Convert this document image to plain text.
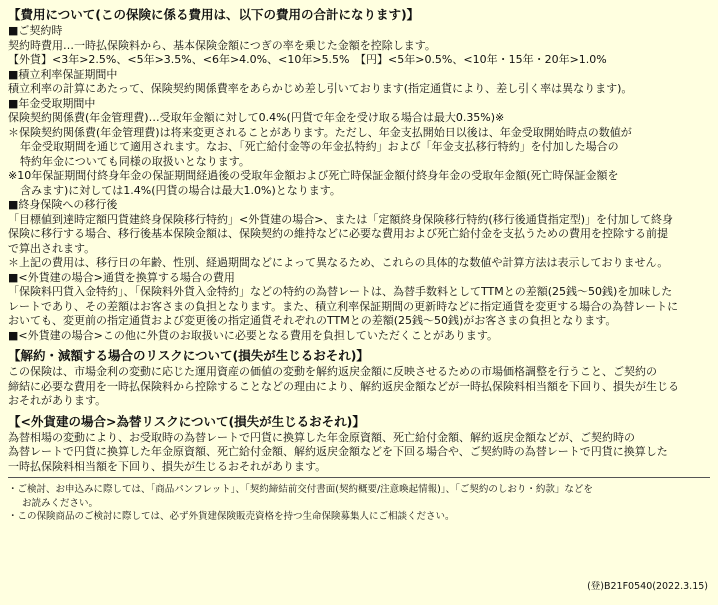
【費用について(この保険に係る費用は、以下の費用の合計になります)】
■ご契約時
契約時費用…一時払保険料から、基本保険金額につぎの率を乗じた金額を控除します。
【外貨】<3年>2.5%、<5年>3.5%、<6年>4.0%、<10年>5.5%　【円】<5年>0.5%、<10年・15年・20年>1.0%
■積立利率保証期間中
積立利率の計算にあたって、保険契約関係費率をあらかじめ差し引いております(指定通貨により、差し引く率は異なります)。
■年金受取期間中
保険契約関係費(年金管理費)…受取年金額に対して0.4%(円貨で年金を受け取る場合は最大0.35%)※
＊保険契約関係費(年金管理費)は将来変更されることがあります。ただし、年金支払開始日以後は、年金受取開始時点の数値が
年金受取期間を通じて適用されます。なお、「死亡給付金等の年金払特約」および「年金支払移行特約」を付加した場合の
特約年金についても同様の取扱いとなります。
※10年保証期間付終身年金の保証期間経過後の受取年金額および死亡時保証金額付終身年金の受取年金額(死亡時保証金額を
含みます)に対しては1.4%(円貨の場合は最大1.0%)となります。
■終身保険への移行後
「目標値到達時定額円貨建終身保険移行特約」<外貨建の場合>、または「定額終身保険移行特約(移行後通貨指定型)」を付加して終身
保険に移行する場合、移行後基本保険金額は、保険契約の維持などに必要な費用および死亡給付金を支払うための費用を控除する前提
で算出されます。
＊上記の費用は、移行日の年齢、性別、経過期間などによって異なるため、これらの具体的な数値や計算方法は表示しておりません。
■<外貨建の場合>通貨を換算する場合の費用
「保険料円貨入金特約」、「保険料外貨入金特約」などの特約の為替レートは、為替手数料としてTTMとの差額(25銭～50銭)を加味した
レートであり、その差額はお客さまの負担となります。また、積立利率保証期間の更新時などに指定通貨を変更する場合の為替レートに
おいても、変更前の指定通貨および変更後の指定通貨それぞれのTTMとの差額(25銭～50銭)がお客さまの負担となります。
■<外貨建の場合>この他に外貨のお取扱いに必要となる費用を負担していただくことがあります。
【解約・減額する場合のリスクについて(損失が生じるおそれ)】
この保険は、市場金利の変動に応じた運用資産の価値の変動を解約返戻金額に反映させるための市場価格調整を行うこと、ご契約の
締結に必要な費用を一時払保険料から控除することなどの理由により、解約返戻金額などが一時払保険料相当額を下回り、損失が生じる
おそれがあります。
【<外貨建の場合>為替リスクについて(損失が生じるおそれ)】
為替相場の変動により、お受取時の為替レートで円貨に換算した年金原資額、死亡給付金額、解約返戻金額などが、ご契約時の
為替レートで円貨に換算した年金原資額、死亡給付金額、解約返戻金額などを下回る場合や、ご契約時の為替レートで円貨に換算した
一時払保険料相当額を下回り、損失が生じるおそれがあります。
・ご検討、お申込みに際しては、「商品パンフレット」、「契約締結前交付書面(契約概要/注意喚起情報)」、「ご契約のしおり・約款」などを
お読みください。
・この保険商品のご検討に際しては、必ず外貨建保険販売資格を持つ生命保険募集人にご相談ください。
(登)B21F0540(2022.3.15)
